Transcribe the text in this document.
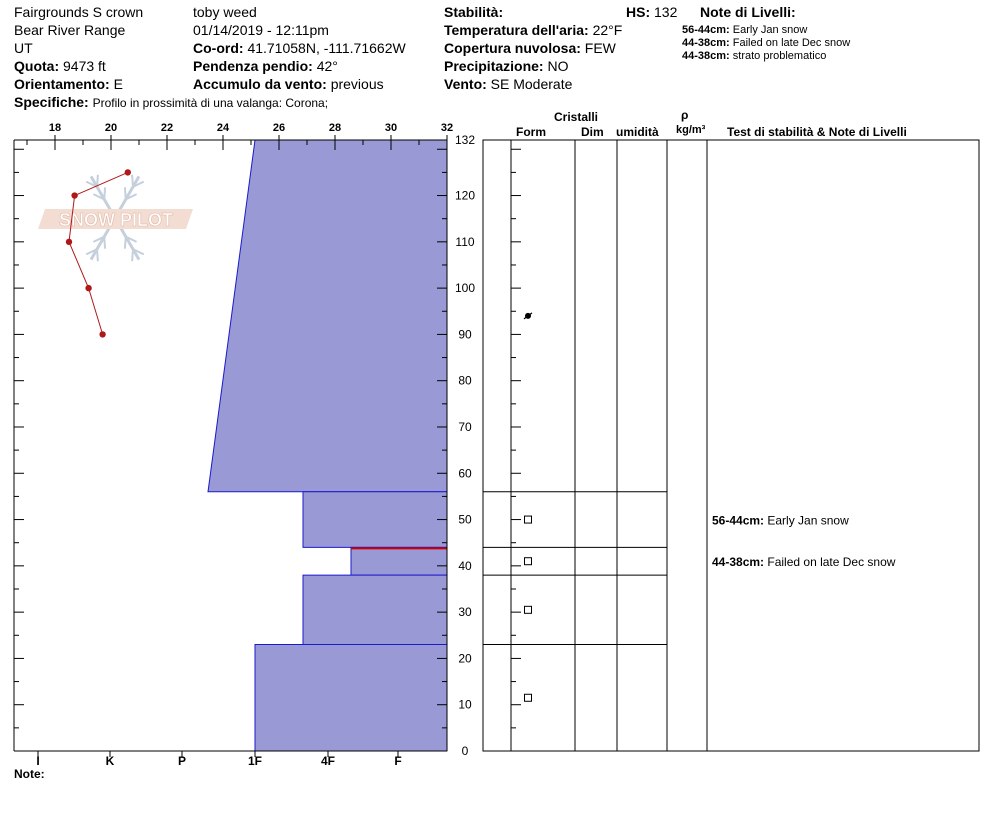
Fairgrounds S crown
Bear River Range
UT
Quota: 9473 ft
Orientamento: E
Specifiche: Profilo in prossimità di una valanga: Corona;
toby weed
01/14/2019 - 12:11pm
Co-ord: 41.71058N, -111.71662W
Pendenza pendio: 42°
Accumulo da vento: previous
Stabilità:	HS: 132
Temperatura dell'aria: 22°F
Copertura nuvolosa: FEW
Precipitazione: NO
Vento: SE Moderate
Note di Livelli:
56-44cm: Early Jan snow
44-38cm: Failed on late Dec snow
44-38cm: strato problematico
Cristalli
Form	Dim umidità
ρ
kg/m³ Test di stabilità & Note di Livelli
Note:
18	20	22	24	26	28	30	32
0
10
20
30
40
50
60
70
80
90
100
110
120
132
I	K	P	1F	4F	F
SNOW PILOT
56-44cm: Early Jan snow
44-38cm: Failed on late Dec snow
